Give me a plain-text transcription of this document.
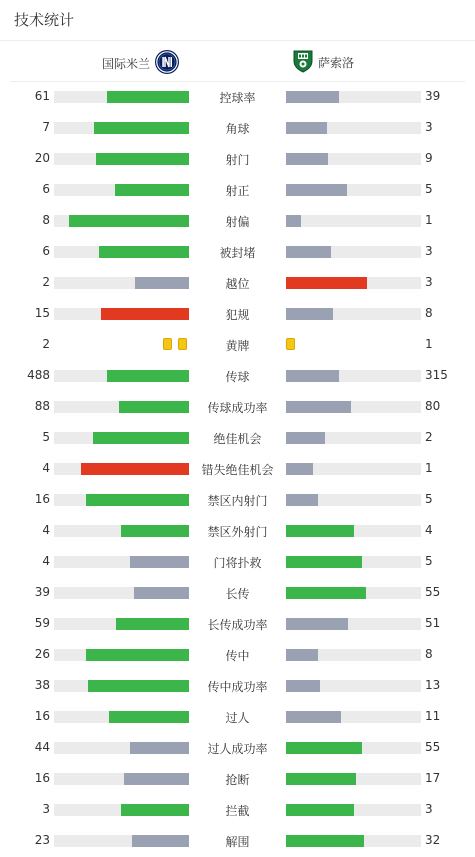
技术统计
国际米兰	萨索洛
61	控球率	39
7	角球	3
20	射门	9
6	射正	5
8	射偏	1
6	被封堵	3
2	越位	3
15	犯规	8
2	黄牌	1
488	传球	315
88	传球成功率	80
5	绝佳机会	2
4	错失绝佳机会	1
16	禁区内射门	5
4	禁区外射门	4
4	门将扑救	5
39	长传	55
59	长传成功率	51
26	传中	8
38	传中成功率	13
16	过人	11
44	过人成功率	55
16	抢断	17
3	拦截	3
23	解围	32
